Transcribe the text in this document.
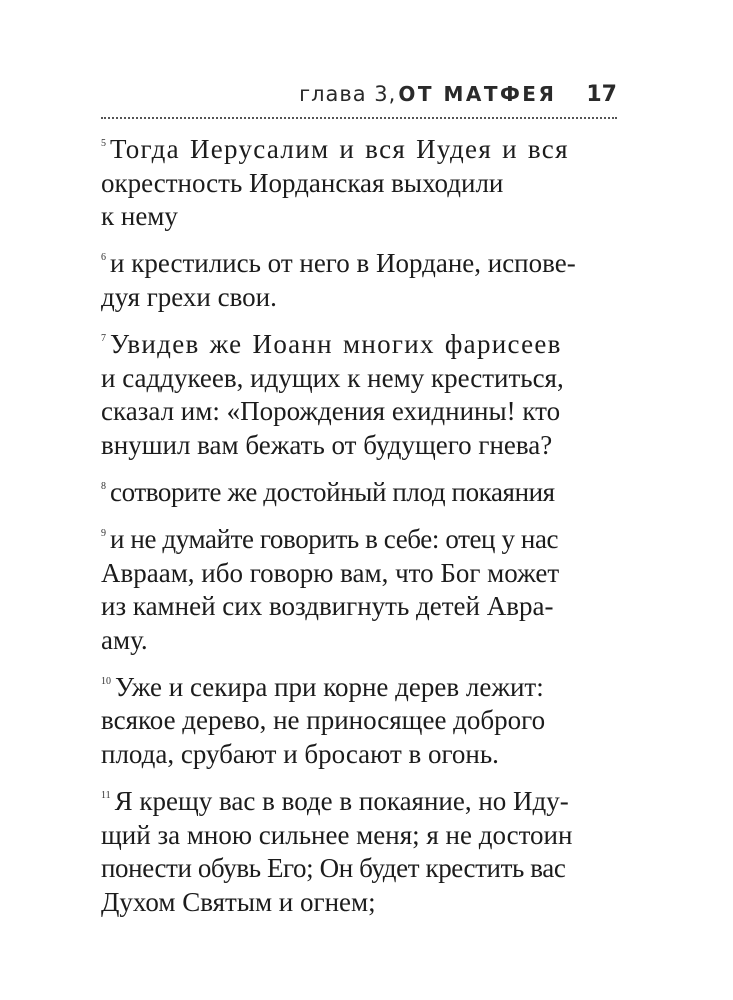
глава 3, ОТ МАТФЕЯ 17

$^5$ Тогда Иерусалим и вся Иудея и вся
окрестность Иорданская выходили
к нему

$^6$ и крестились от него в Иордане, испове-
дуя грехи свои.

$^7$ Увидев же Иоанн многих фарисеев
и саддукеев, идущих к нему креститься,
сказал им: «Порождения ехиднины! кто
внушил вам бежать от будущего гнева?

$^8$ сотворите же достойный плод покаяния

$^9$ и не думайте говорить в себе: отец у нас
Авраам, ибо говорю вам, что Бог может
из камней сих воздвигнуть детей Авра-
аму.

$^{10}$ Уже и секира при корне дерев лежит:
всякое дерево, не приносящее доброго
плода, срубают и бросают в огонь.

$^{11}$ Я крещу вас в воде в покаяние, но Иду-
щий за мною сильнее меня; я не достоин
понести обувь Его; Он будет крестить вас
Духом Святым и огнем;
